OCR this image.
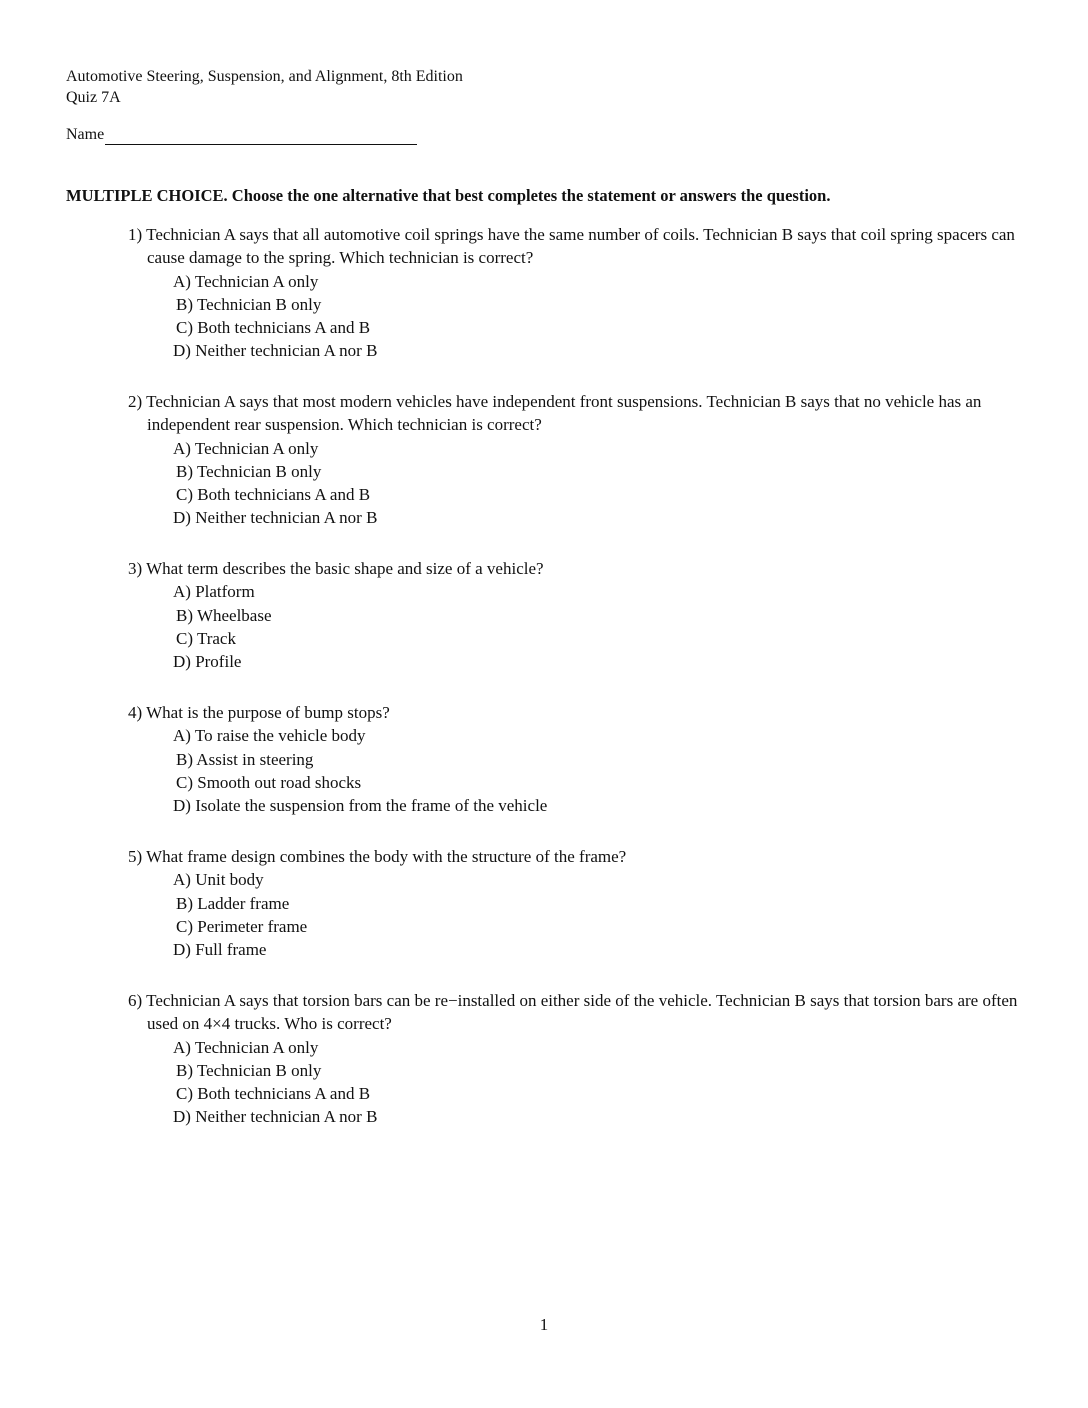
Automotive Steering, Suspension, and Alignment, 8th Edition
Quiz 7A
Name
MULTIPLE CHOICE. Choose the one alternative that best completes the statement or answers the question.
1) Technician A says that all automotive coil springs have the same number of coils. Technician B says that coil spring spacers can cause damage to the spring. Which technician is correct?
A) Technician A only
B) Technician B only
C) Both technicians A and B
D) Neither technician A nor B
2) Technician A says that most modern vehicles have independent front suspensions. Technician B says that no vehicle has an independent rear suspension. Which technician is correct?
A) Technician A only
B) Technician B only
C) Both technicians A and B
D) Neither technician A nor B
3) What term describes the basic shape and size of a vehicle?
A) Platform
B) Wheelbase
C) Track
D) Profile
4) What is the purpose of bump stops?
A) To raise the vehicle body
B) Assist in steering
C) Smooth out road shocks
D) Isolate the suspension from the frame of the vehicle
5) What frame design combines the body with the structure of the frame?
A) Unit body
B) Ladder frame
C) Perimeter frame
D) Full frame
6) Technician A says that torsion bars can be re−installed on either side of the vehicle. Technician B says that torsion bars are often used on 4×4 trucks. Who is correct?
A) Technician A only
B) Technician B only
C) Both technicians A and B
D) Neither technician A nor B
1
